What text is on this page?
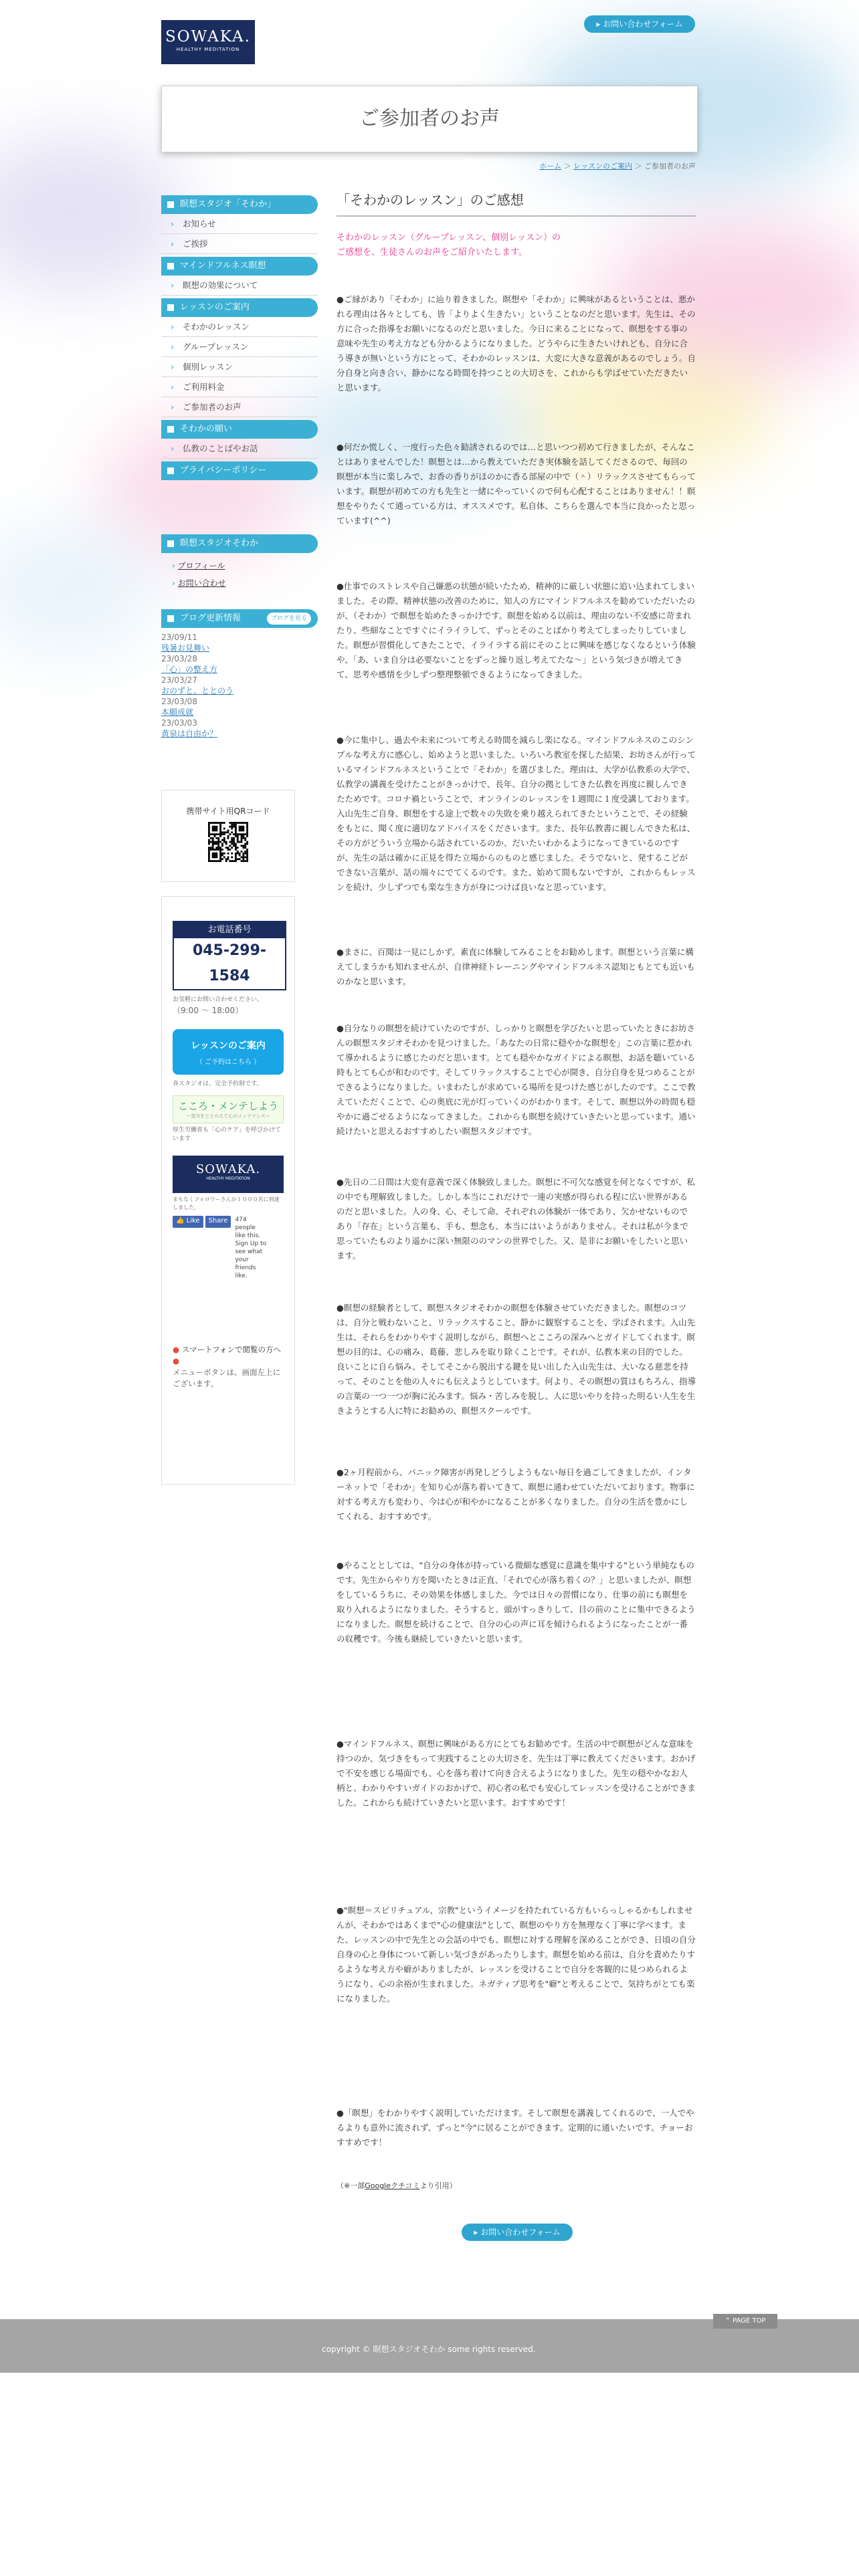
SOWAKA.
HEALTHY MEDITATION
▸ お問い合わせフォーム
ご参加者のお声
ホーム ＞ レッスンのご案内 ＞ ご参加者のお声
瞑想スタジオ「そわか」
› お知らせ
› ご挨拶
マインドフルネス瞑想
› 瞑想の効果について
レッスンのご案内
› そわかのレッスン
› グループレッスン
› 個別レッスン
› ご利用料金
› ご参加者のお声
そわかの願い
› 仏教のことばやお話
プライバシーポリシー
瞑想スタジオそわか
› プロフィール
› お問い合わせ
ブログ更新情報	ブログを見る
23/09/11
残暑お見舞い
23/03/28
「心」の整え方
23/03/27
おのずと、ととのう
23/03/08
本願成就
23/03/03
黄泉は自由か？
携帯サイト用QRコード
お電話番号
045-299-1584
お気軽にお問い合わせください。
（9:00 〜 18:00）
レッスンのご案内
（ ご予約はこちら ）
各スタジオは、完全予約制です。
こころ・メンテしよう
〜気分をととのえて心のメンテナンス〜
厚生労働省も「心のケア」を呼びかけています
SOWAKA.
HEALTHY MEDITATION
まもなくフォロワーさんが１０００名に到達しました。
👍 Like	Share	474 people like this. Sign Up to see what your friends like.
● スマートフォンで閲覧の方へ ●
メニューボタンは、画面左上にございます。
「そわかのレッスン」のご感想
そわかのレッスン（グループレッスン、個別レッスン）の
ご感想を、生徒さんのお声をご紹介いたします。
●ご縁があり「そわか」に辿り着きました。瞑想や「そわか」に興味があるということは、悪かれる理由は各々としても、皆「よりよく生きたい」ということなのだと思います。先生は、その方に合った指導をお願いになるのだと思いました。今日に来ることになって、瞑想をする事の意味や先生の考え方なども分かるようになりました。どうやらに生きたいけれども、自分に合う導きが無いという方にとって、そわかのレッスンは、大変に大きな意義があるのでしょう。自分自身と向き合い、静かになる時間を持つことの大切さを、これからも学ばせていただきたいと思います。
●何だか慌しく、一度行った色々勧誘されるのでは…と思いつつ初めて行きましたが、そんなことはありませんでした！瞑想とは…から教えていただき実体験を話してくださるので、毎回の瞑想が本当に楽しみで、お香の香りがほのかに香る部屋の中で（＾）リラックスさせてもらっています。瞑想が初めての方も先生と一緒にやっていくので何も心配することはありません！！瞑想をやりたくて通っている方は、オススメです。私自体、こちらを選んで本当に良かったと思っています(^^)
●仕事でのストレスや自己嫌悪の状態が続いたため、精神的に厳しい状態に追い込まれてしまいました。その際、精神状態の改善のために、知人の方にマインドフルネスを勧めていただいたのが、（そわか）で瞑想を始めたきっかけです。瞑想を始める以前は、理由のない不安感に苛まれたり、些細なことですぐにイライラして、ずっとそのことばかり考えてしまったりしていました。瞑想が習慣化してきたことで、イライラする前にそのことに興味を感じなくなるという体験や、「あ、いま自分は必要ないことをずっと繰り返し考えてたな〜」という気づきが増えてきて、思考や感情を少しずつ整理整頓できるようになってきました。
●今に集中し、過去や未来について考える時間を減らし楽になる。マインドフルネスのこのシンプルな考え方に感心し、始めようと思いました。いろいろ教室を探した結果、お坊さんが行っているマインドフルネスということで「そわか」を選びました。理由は、大学が仏教系の大学で、仏教学の講義を受けたことがきっかけで、長年、自分の拠としてきた仏教を再度に親しんできたためです。コロナ禍ということで、オンラインのレッスンを１週間に１度受講しております。入山先生ご自身、瞑想をする途上で数々の失敗を乗り越えられてきたということで、その経験をもとに、聞く度に適切なアドバイスをくださいます。また、長年仏教書に親しんできた私は、その方がどういう立場から話されているのか、だいたいわかるようになってきているのですが、先生の話は確かに正見を得た立場からのものと感じました。そうでないと、発するこどができない言葉が、話の端々にでてくるのです。また、始めて間もないですが、これからもレッスンを続け、少しずつでも楽な生き方が身につけば良いなと思っています。
●まさに、百聞は一見にしかず。素直に体験してみることをお勧めします。瞑想という言葉に構えてしまうかも知れませんが、自律神経トレーニングやマインドフルネス認知ともとても近いものかなと思います。
●自分なりの瞑想を続けていたのですが、しっかりと瞑想を学びたいと思っていたときにお坊さんの瞑想スタジオそわかを見つけました。「あなたの日常に穏やかな瞑想を」この言葉に惹かれて導かれるように感じたのだと思います。とても穏やかなガイドによる瞑想、お話を聴いている時もとても心が和むのです。そしてリラックスすることで心が開き、自分自身を見つめることができるようになりました。いまわたしが求めている場所を見つけた感じがしたのです。ここで教えていただくことで、心の奥底に光が灯っていくのがわかります。そして、瞑想以外の時間も穏やかに過ごせるようになってきました。これからも瞑想を続けていきたいと思っています。通い続けたいと思えるおすすめしたい瞑想スタジオです。
●先日の二日間は大変有意義で深く体験致しました。瞑想に不可欠な感覚を何となくですが、私の中でも理解致しました。しかし本当にこれだけで一連の実感が得られる程に広い世界があるのだと思いました。人の身、心、そして命、それぞれの体験が一体であり、欠かせないものであり「存在」という言葉も、手も、想念も、本当にはいようがありません。それは私が今まで思っていたものより遥かに深い無限ののマンの世界でした。又、是非にお願いをしたいと思います。
●瞑想の経験者として、瞑想スタジオそわかの瞑想を体験させていただきました。瞑想のコツは、自分と戦わないこと、リラックスすること、静かに観察することを、学ばされます。入山先生は、それらをわかりやすく説明しながら、瞑想へとこころの深みへとガイドしてくれます。瞑想の目的は、心の痛み、葛藤、悲しみを取り除くことです。それが、仏教本来の目的でした。良いことに自ら悩み、そしてそこから脱出する鍵を見い出した入山先生は、大いなる慈悲を持って、そのことを他の人々にも伝えようとしています。何より、その瞑想の質はもちろん、指導の言葉の一つ一つが胸に沁みます。悩み・苦しみを脱し、人に思いやりを持った明るい人生を生きようとする人に特にお勧めの、瞑想スクールです。
●2ヶ月程前から、パニック障害が再発しどうしようもない毎日を過ごしてきましたが、インターネットで「そわか」を知り心が落ち着いてきて、瞑想に通わせていただいております。物事に対する考え方も変わり、今は心が和やかになることが多くなりました。自分の生活を豊かにしてくれる、おすすめです。
●やることとしては、"自分の身体が持っている微細な感覚に意識を集中する"という単純なものです。先生からやり方を聞いたときは正直、「それで心が落ち着くの？」と思いましたが、瞑想をしているうちに、その効果を体感しました。今では日々の習慣になり、仕事の前にも瞑想を取り入れるようになりました。そうすると、頭がすっきりして、目の前のことに集中できるようになりました。瞑想を続けることで、自分の心の声に耳を傾けられるようになったことが一番の収穫です。今後も継続していきたいと思います。
●マインドフルネス、瞑想に興味がある方にとてもお勧めです。生活の中で瞑想がどんな意味を持つのか、気づきをもって実践することの大切さを、先生は丁寧に教えてくださいます。おかげで不安を感じる場面でも、心を落ち着けて向き合えるようになりました。先生の穏やかなお人柄と、わかりやすいガイドのおかげで、初心者の私でも安心してレッスンを受けることができました。これからも続けていきたいと思います。おすすめです！
●"瞑想＝スピリチュアル、宗教"というイメージを持たれている方もいらっしゃるかもしれませんが、そわかではあくまで"心の健康法"として、瞑想のやり方を無理なく丁寧に学べます。また、レッスンの中で先生との会話の中でも、瞑想に対する理解を深めることができ、日頃の自分自身の心と身体について新しい気づきがあったりします。瞑想を始める前は、自分を責めたりするような考え方や癖がありましたが、レッスンを受けることで自分を客観的に見つめられるようになり、心の余裕が生まれました。ネガティブ思考を"癖"と考えることで、気持ちがとても楽になりました。
●「瞑想」をわかりやすく説明していただけます。そして瞑想を講義してくれるので、一人でやるよりも意外に流されず、ずっと"今"に居ることができます。定期的に通いたいです。チョーおすすめです！
（※一部Googleクチコミより引用）
▸ お問い合わせフォーム
⌃ PAGE TOP
copyright © 瞑想スタジオそわか some rights reserved.
